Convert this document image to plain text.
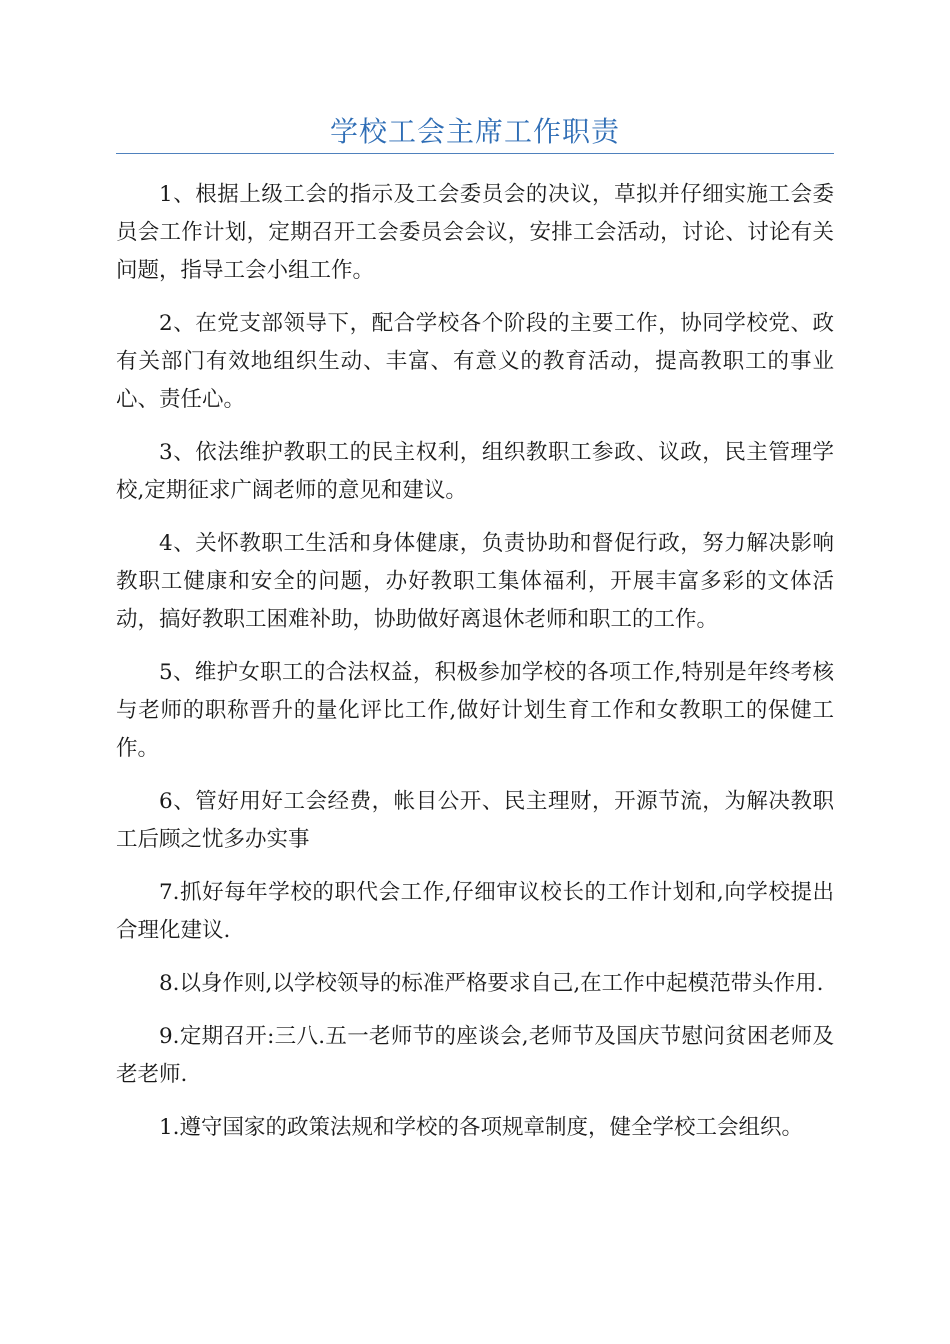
学校工会主席工作职责

1、根据上级工会的指示及工会委员会的决议，草拟并仔细实施工会委员会工作计划，定期召开工会委员会会议，安排工会活动，讨论、讨论有关问题，指导工会小组工作。

2、在党支部领导下，配合学校各个阶段的主要工作，协同学校党、政有关部门有效地组织生动、丰富、有意义的教育活动，提高教职工的事业心、责任心。

3、依法维护教职工的民主权利，组织教职工参政、议政，民主管理学校,定期征求广阔老师的意见和建议。

4、关怀教职工生活和身体健康，负责协助和督促行政，努力解决影响教职工健康和安全的问题，办好教职工集体福利，开展丰富多彩的文体活动，搞好教职工困难补助，协助做好离退休老师和职工的工作。

5、维护女职工的合法权益，积极参加学校的各项工作,特别是年终考核与老师的职称晋升的量化评比工作,做好计划生育工作和女教职工的保健工作。

6、管好用好工会经费，帐目公开、民主理财，开源节流，为解决教职工后顾之忧多办实事

7.抓好每年学校的职代会工作,仔细审议校长的工作计划和,向学校提出合理化建议.

8.以身作则,以学校领导的标准严格要求自己,在工作中起模范带头作用.

9.定期召开:三八.五一老师节的座谈会,老师节及国庆节慰问贫困老师及老老师.

1.遵守国家的政策法规和学校的各项规章制度，健全学校工会组织。
